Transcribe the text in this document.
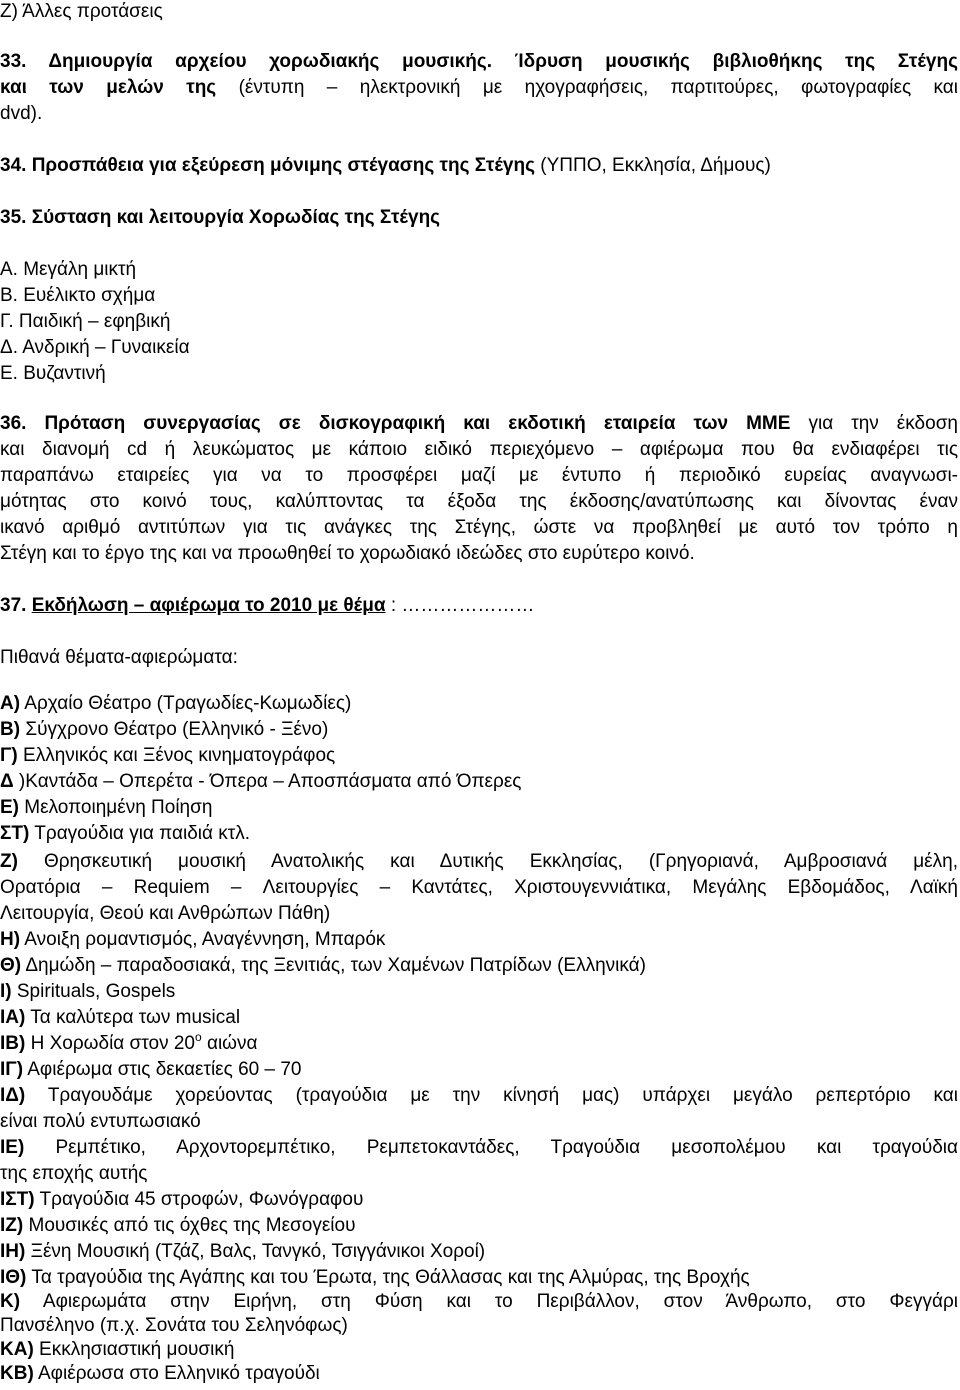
Ζ) Άλλες προτάσεις
33. Δημιουργία αρχείου χορωδιακής μουσικής. Ίδρυση μουσικής βιβλιοθήκης της Στέγης
και των μελών της (έντυπη – ηλεκτρονική με ηχογραφήσεις, παρτιτούρες, φωτογραφίες και
dvd).
34. Προσπάθεια για εξεύρεση μόνιμης στέγασης της Στέγης (ΥΠΠΟ, Εκκλησία, Δήμους)
35. Σύσταση και λειτουργία Χορωδίας της Στέγης
Α. Μεγάλη μικτή
Β. Ευέλικτο σχήμα
Γ. Παιδική – εφηβική
Δ. Ανδρική – Γυναικεία
Ε. Βυζαντινή
36. Πρόταση συνεργασίας σε δισκογραφική και εκδοτική εταιρεία των ΜΜΕ για την έκδοση
και διανομή cd ή λευκώματος με κάποιο ειδικό περιεχόμενο – αφιέρωμα που θα ενδιαφέρει τις
παραπάνω εταιρείες για να το προσφέρει μαζί με έντυπο ή περιοδικό ευρείας αναγνωσι-
μότητας στο κοινό τους, καλύπτοντας τα έξοδα της έκδοσης/ανατύπωσης και δίνοντας έναν
ικανό αριθμό αντιτύπων για τις ανάγκες της Στέγης, ώστε να προβληθεί με αυτό τον τρόπο η
Στέγη και το έργο της και να προωθηθεί το χορωδιακό ιδεώδες στο ευρύτερο κοινό.
37. Εκδήλωση – αφιέρωμα το 2010 με θέμα : …………………
Πιθανά θέματα-αφιερώματα:
Α) Αρχαίο Θέατρο (Τραγωδίες-Κωμωδίες)
Β) Σύγχρονο Θέατρο (Ελληνικό - Ξένο)
Γ) Ελληνικός και Ξένος κινηματογράφος
Δ )Καντάδα – Οπερέτα - Όπερα – Αποσπάσματα από Όπερες
Ε) Μελοποιημένη Ποίηση
ΣΤ) Τραγούδια για παιδιά κτλ.
Ζ) Θρησκευτική μουσική Ανατολικής και Δυτικής Εκκλησίας, (Γρηγοριανά, Αμβροσιανά μέλη,
Ορατόρια – Requiem – Λειτουργίες – Καντάτες, Χριστουγεννιάτικα, Μεγάλης Εβδομάδος, Λαϊκή
Λειτουργία, Θεού και Ανθρώπων Πάθη)
Η) Ανοιξη ρομαντισμός, Αναγέννηση, Μπαρόκ
Θ) Δημώδη – παραδοσιακά, της Ξενιτιάς, των Χαμένων Πατρίδων (Ελληνικά)
Ι) Spirituals, Gospels
ΙΑ) Τα καλύτερα των musical
ΙΒ) Η Χορωδία στον $20^o$ αιώνα
ΙΓ) Αφιέρωμα στις δεκαετίες 60 – 70
ΙΔ) Τραγουδάμε χορεύοντας (τραγούδια με την κίνησή μας) υπάρχει μεγάλο ρεπερτόριο και
είναι πολύ εντυπωσιακό
ΙΕ) Ρεμπέτικο, Αρχοντορεμπέτικο, Ρεμπετοκαντάδες, Τραγούδια μεσοπολέμου και τραγούδια
της εποχής αυτής
ΙΣΤ) Τραγούδια 45 στροφών, Φωνόγραφου
ΙΖ) Μουσικές από τις όχθες της Μεσογείου
ΙΗ) Ξένη Μουσική (Τζάζ, Βαλς, Τανγκό, Τσιγγάνικοι Χοροί)
ΙΘ) Τα τραγούδια της Αγάπης και του Έρωτα, της Θάλλασας και της Αλμύρας, της Βροχής
Κ) Αφιερωμάτα στην Ειρήνη, στη Φύση και το Περιβάλλον, στον Άνθρωπο, στο Φεγγάρι
Πανσέληνο (π.χ. Σονάτα του Σεληνόφως)
ΚΑ) Εκκλησιαστική μουσική
ΚΒ) Αφιέρωσα στο Ελληνικό τραγούδι
